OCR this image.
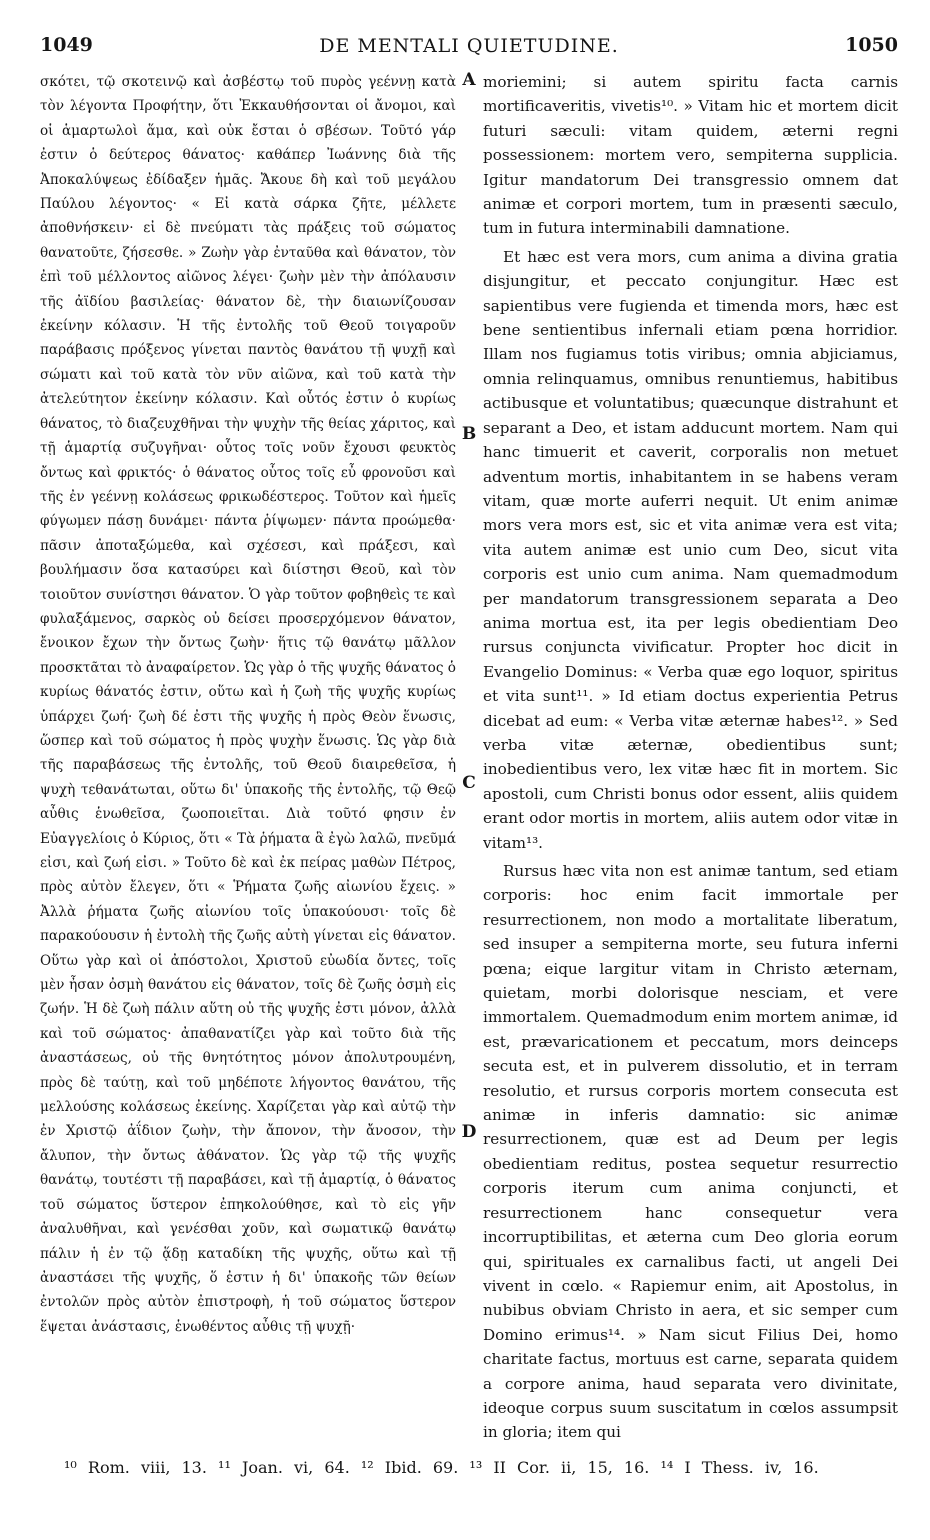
1049	DE MENTALI QUIETUDINE.	1050

σκότει, τῷ σκοτεινῷ καὶ ἀσβέστῳ τοῦ πυρὸς γεέννῃ κατὰ τὸν λέγοντα Προφήτην, ὅτι Ἐκκαυθήσονται οἱ ἄνομοι, καὶ οἱ ἁμαρτωλοὶ ἅμα, καὶ οὐκ ἔσται ὁ σβέσων. Τοῦτό γάρ ἐστιν ὁ δεύτερος θάνατος· καθάπερ Ἰωάννης διὰ τῆς Ἀποκαλύψεως ἐδίδαξεν ἡμᾶς. Ἄκουε δὴ καὶ τοῦ μεγάλου Παύλου λέγοντος· « Εἰ κατὰ σάρκα ζῆτε, μέλλετε ἀποθνήσκειν· εἰ δὲ πνεύματι τὰς πράξεις τοῦ σώματος θανατοῦτε, ζήσεσθε. » Ζωὴν γὰρ ἐνταῦθα καὶ θάνατον, τὸν ἐπὶ τοῦ μέλλοντος αἰῶνος λέγει· ζωὴν μὲν τὴν ἀπόλαυσιν τῆς ἀϊδίου βασιλείας· θάνατον δὲ, τὴν διαιωνίζουσαν ἐκείνην κόλασιν. Ἡ τῆς ἐντολῆς τοῦ Θεοῦ τοιγαροῦν παράβασις πρόξενος γίνεται παντὸς θανάτου τῇ ψυχῇ καὶ σώματι καὶ τοῦ κατὰ τὸν νῦν αἰῶνα, καὶ τοῦ κατὰ τὴν ἀτελεύτητον ἐκείνην κόλασιν. Καὶ οὗτός ἐστιν ὁ κυρίως θάνατος, τὸ διαζευχθῆναι τὴν ψυχὴν τῆς θείας χάριτος, καὶ τῇ ἁμαρτίᾳ συζυγῆναι· οὗτος τοῖς νοῦν ἔχουσι φευκτὸς ὄντως καὶ φρικτός· ὁ θάνατος οὗτος τοῖς εὖ φρονοῦσι καὶ τῆς ἐν γεέννῃ κολάσεως φρικωδέστερος. Τοῦτον καὶ ἡμεῖς φύγωμεν πάσῃ δυνάμει· πάντα ῥίψωμεν· πάντα προώμεθα· πᾶσιν ἀποταξώμεθα, καὶ σχέσεσι, καὶ πράξεσι, καὶ βουλήμασιν ὅσα κατασύρει καὶ διίστησι Θεοῦ, καὶ τὸν τοιοῦτον συνίστησι θάνατον. Ὁ γὰρ τοῦτον φοβηθεὶς τε καὶ φυλαξάμενος, σαρκὸς οὐ δείσει προσερχόμενον θάνατον, ἔνοικον ἔχων τὴν ὄντως ζωὴν· ἥτις τῷ θανάτῳ μᾶλλον προσκτᾶται τὸ ἀναφαίρετον. Ὡς γὰρ ὁ τῆς ψυχῆς θάνατος ὁ κυρίως θάνατός ἐστιν, οὕτω καὶ ἡ ζωὴ τῆς ψυχῆς κυρίως ὑπάρχει ζωή· ζωὴ δέ ἐστι τῆς ψυχῆς ἡ πρὸς Θεὸν ἕνωσις, ὥσπερ καὶ τοῦ σώματος ἡ πρὸς ψυχὴν ἕνωσις. Ὡς γὰρ διὰ τῆς παραβάσεως τῆς ἐντολῆς, τοῦ Θεοῦ διαιρεθεῖσα, ἡ ψυχὴ τεθανάτωται, οὕτω δι' ὑπακοῆς τῆς ἐντολῆς, τῷ Θεῷ αὖθις ἑνωθεῖσα, ζωοποιεῖται. Διὰ τοῦτό φησιν ἐν Εὐαγγελίοις ὁ Κύριος, ὅτι « Τὰ ῥήματα ἃ ἐγὼ λαλῶ, πνεῦμά εἰσι, καὶ ζωή εἰσι. » Τοῦτο δὲ καὶ ἐκ πείρας μαθὼν Πέτρος, πρὸς αὐτὸν ἔλεγεν, ὅτι « Ῥήματα ζωῆς αἰωνίου ἔχεις. » Ἀλλὰ ῥήματα ζωῆς αἰωνίου τοῖς ὑπακούουσι· τοῖς δὲ παρακούουσιν ἡ ἐντολὴ τῆς ζωῆς αὐτὴ γίνεται εἰς θάνατον. Οὕτω γὰρ καὶ οἱ ἀπόστολοι, Χριστοῦ εὐωδία ὄντες, τοῖς μὲν ἦσαν ὀσμὴ θανάτου εἰς θάνατον, τοῖς δὲ ζωῆς ὀσμὴ εἰς ζωήν. Ἡ δὲ ζωὴ πάλιν αὕτη οὐ τῆς ψυχῆς ἐστι μόνον, ἀλλὰ καὶ τοῦ σώματος· ἀπαθανατίζει γὰρ καὶ τοῦτο διὰ τῆς ἀναστάσεως, οὐ τῆς θνητότητος μόνον ἀπολυτρουμένη, πρὸς δὲ ταύτῃ, καὶ τοῦ μηδέποτε λήγοντος θανάτου, τῆς μελλούσης κολάσεως ἐκείνης. Χαρίζεται γὰρ καὶ αὐτῷ τὴν ἐν Χριστῷ ἀΐδιον ζωὴν, τὴν ἄπονον, τὴν ἄνοσον, τὴν ἄλυπον, τὴν ὄντως ἀθάνατον. Ὡς γὰρ τῷ τῆς ψυχῆς θανάτῳ, τουτέστι τῇ παραβάσει, καὶ τῇ ἁμαρτίᾳ, ὁ θάνατος τοῦ σώματος ὕστερον ἐπηκολούθησε, καὶ τὸ εἰς γῆν ἀναλυθῆναι, καὶ γενέσθαι χοῦν, καὶ σωματικῷ θανάτῳ πάλιν ἡ ἐν τῷ ᾅδῃ καταδίκη τῆς ψυχῆς, οὕτω καὶ τῇ ἀναστάσει τῆς ψυχῆς, ὅ ἐστιν ἡ δι' ὑπακοῆς τῶν θείων ἐντολῶν πρὸς αὐτὸν ἐπιστροφὴ, ἡ τοῦ σώματος ὕστερον ἕψεται ἀνάστασις, ἑνωθέντος αὖθις τῇ ψυχῇ·

A
B
C
D

moriemini; si autem spiritu facta carnis mortificaveritis, vivetis¹⁰. » Vitam hic et mortem dicit futuri sæculi: vitam quidem, æterni regni possessionem: mortem vero, sempiterna supplicia. Igitur mandatorum Dei transgressio omnem dat animæ et corpori mortem, tum in præsenti sæculo, tum in futura interminabili damnatione.

Et hæc est vera mors, cum anima a divina gratia disjungitur, et peccato conjungitur. Hæc est sapientibus vere fugienda et timenda mors, hæc est bene sentientibus infernali etiam pœna horridior. Illam nos fugiamus totis viribus; omnia abjiciamus, omnia relinquamus, omnibus renuntiemus, habitibus actibusque et voluntatibus; quæcunque distrahunt et separant a Deo, et istam adducunt mortem. Nam qui hanc timuerit et caverit, corporalis non metuet adventum mortis, inhabitantem in se habens veram vitam, quæ morte auferri nequit. Ut enim animæ mors vera mors est, sic et vita animæ vera est vita; vita autem animæ est unio cum Deo, sicut vita corporis est unio cum anima. Nam quemadmodum per mandatorum transgressionem separata a Deo anima mortua est, ita per legis obedientiam Deo rursus conjuncta vivificatur. Propter hoc dicit in Evangelio Dominus: « Verba quæ ego loquor, spiritus et vita sunt¹¹. » Id etiam doctus experientia Petrus dicebat ad eum: « Verba vitæ æternæ habes¹². » Sed verba vitæ æternæ, obedientibus sunt; inobedientibus vero, lex vitæ hæc fit in mortem. Sic apostoli, cum Christi bonus odor essent, aliis quidem erant odor mortis in mortem, aliis autem odor vitæ in vitam¹³.

Rursus hæc vita non est animæ tantum, sed etiam corporis: hoc enim facit immortale per resurrectionem, non modo a mortalitate liberatum, sed insuper a sempiterna morte, seu futura inferni pœna; eique largitur vitam in Christo æternam, quietam, morbi dolorisque nesciam, et vere immortalem. Quemadmodum enim mortem animæ, id est, prævaricationem et peccatum, mors deinceps secuta est, et in pulverem dissolutio, et in terram resolutio, et rursus corporis mortem consecuta est animæ in inferis damnatio: sic animæ resurrectionem, quæ est ad Deum per legis obedientiam reditus, postea sequetur resurrectio corporis iterum cum anima conjuncti, et resurrectionem hanc consequetur vera incorruptibilitas, et æterna cum Deo gloria eorum qui, spirituales ex carnalibus facti, ut angeli Dei vivent in cœlo. « Rapiemur enim, ait Apostolus, in nubibus obviam Christo in aera, et sic semper cum Domino erimus¹⁴. » Nam sicut Filius Dei, homo charitate factus, mortuus est carne, separata quidem a corpore anima, haud separata vero divinitate, ideoque corpus suum suscitatum in cœlos assumpsit in gloria; item qui

¹⁰ Rom. viii, 13. ¹¹ Joan. vi, 64. ¹² Ibid. 69. ¹³ II Cor. ii, 15, 16. ¹⁴ I Thess. iv, 16.
